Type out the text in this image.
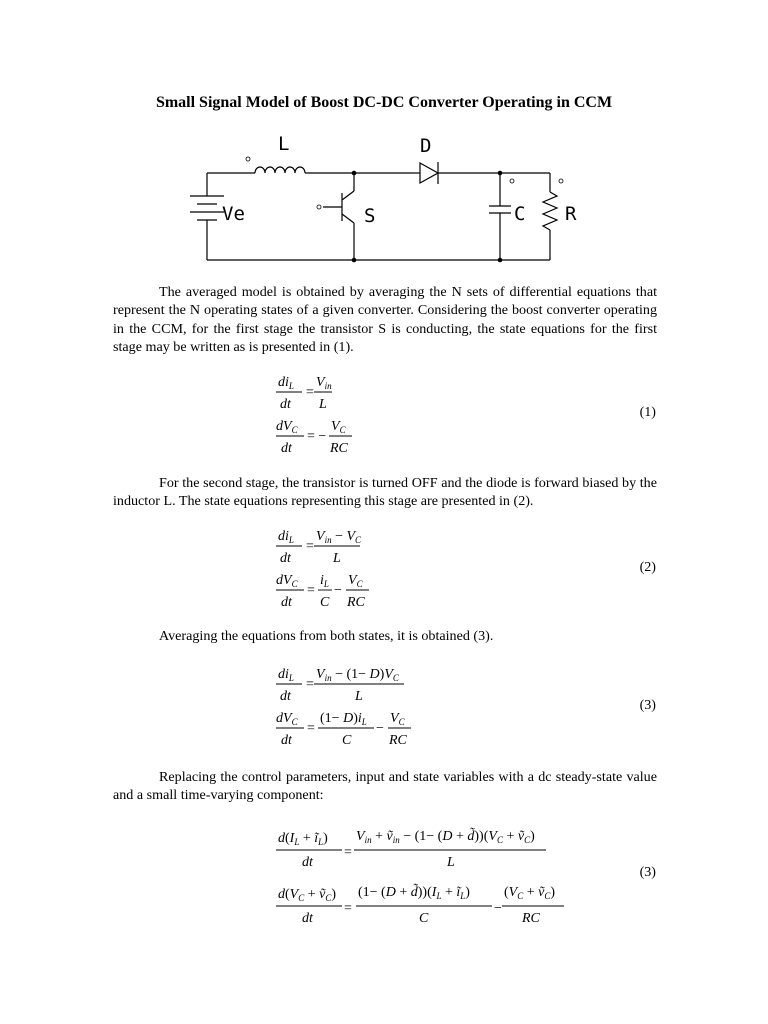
Small Signal Model of Boost DC-DC Converter Operating in CCM
L	D
Ve	S	C R

The averaged model is obtained by averaging the N sets of differential equations that represent the N operating states of a given converter. Considering the boost converter operating in the CCM, for the first stage the transistor S is conducting, the state equations for the first stage may be written as is presented in (1).

$di_L$
dt
=
$V_{in}$
L
$dV_C$
dt
= −
$V_C$
RC
(1)

For the second stage, the transistor is turned OFF and the diode is forward biased by the inductor L. The state equations representing this stage are presented in (2).

$di_L$
dt
=
$V_{in} - V_C$
L
$dV_C$
dt
=
$i_L$
C
−
$V_C$
RC
(2)

Averaging the equations from both states, it is obtained (3).

$di_L$
dt
=
$V_{in} - (1- D)V_C$
L
$dV_C$
dt
=
$(1- D)i_L$
C
−
$V_C$
RC
(3)

Replacing the control parameters, input and state variables with a dc steady-state value and a small time-varying component:

$d(I_L$ + $ĩ_L$)
dt
=
$V_{in}$ + ṽ$_{in}$ − $(1- (D + d̃))(V_C$ + ṽ$_C$)
L
$d(V_C$ + ṽ$_C$)
dt
=
$(1- (D + d̃))(I_L$ + $ĩ_L$)
C
−
($V_C$ + ṽ$_C$)
RC
(3)
